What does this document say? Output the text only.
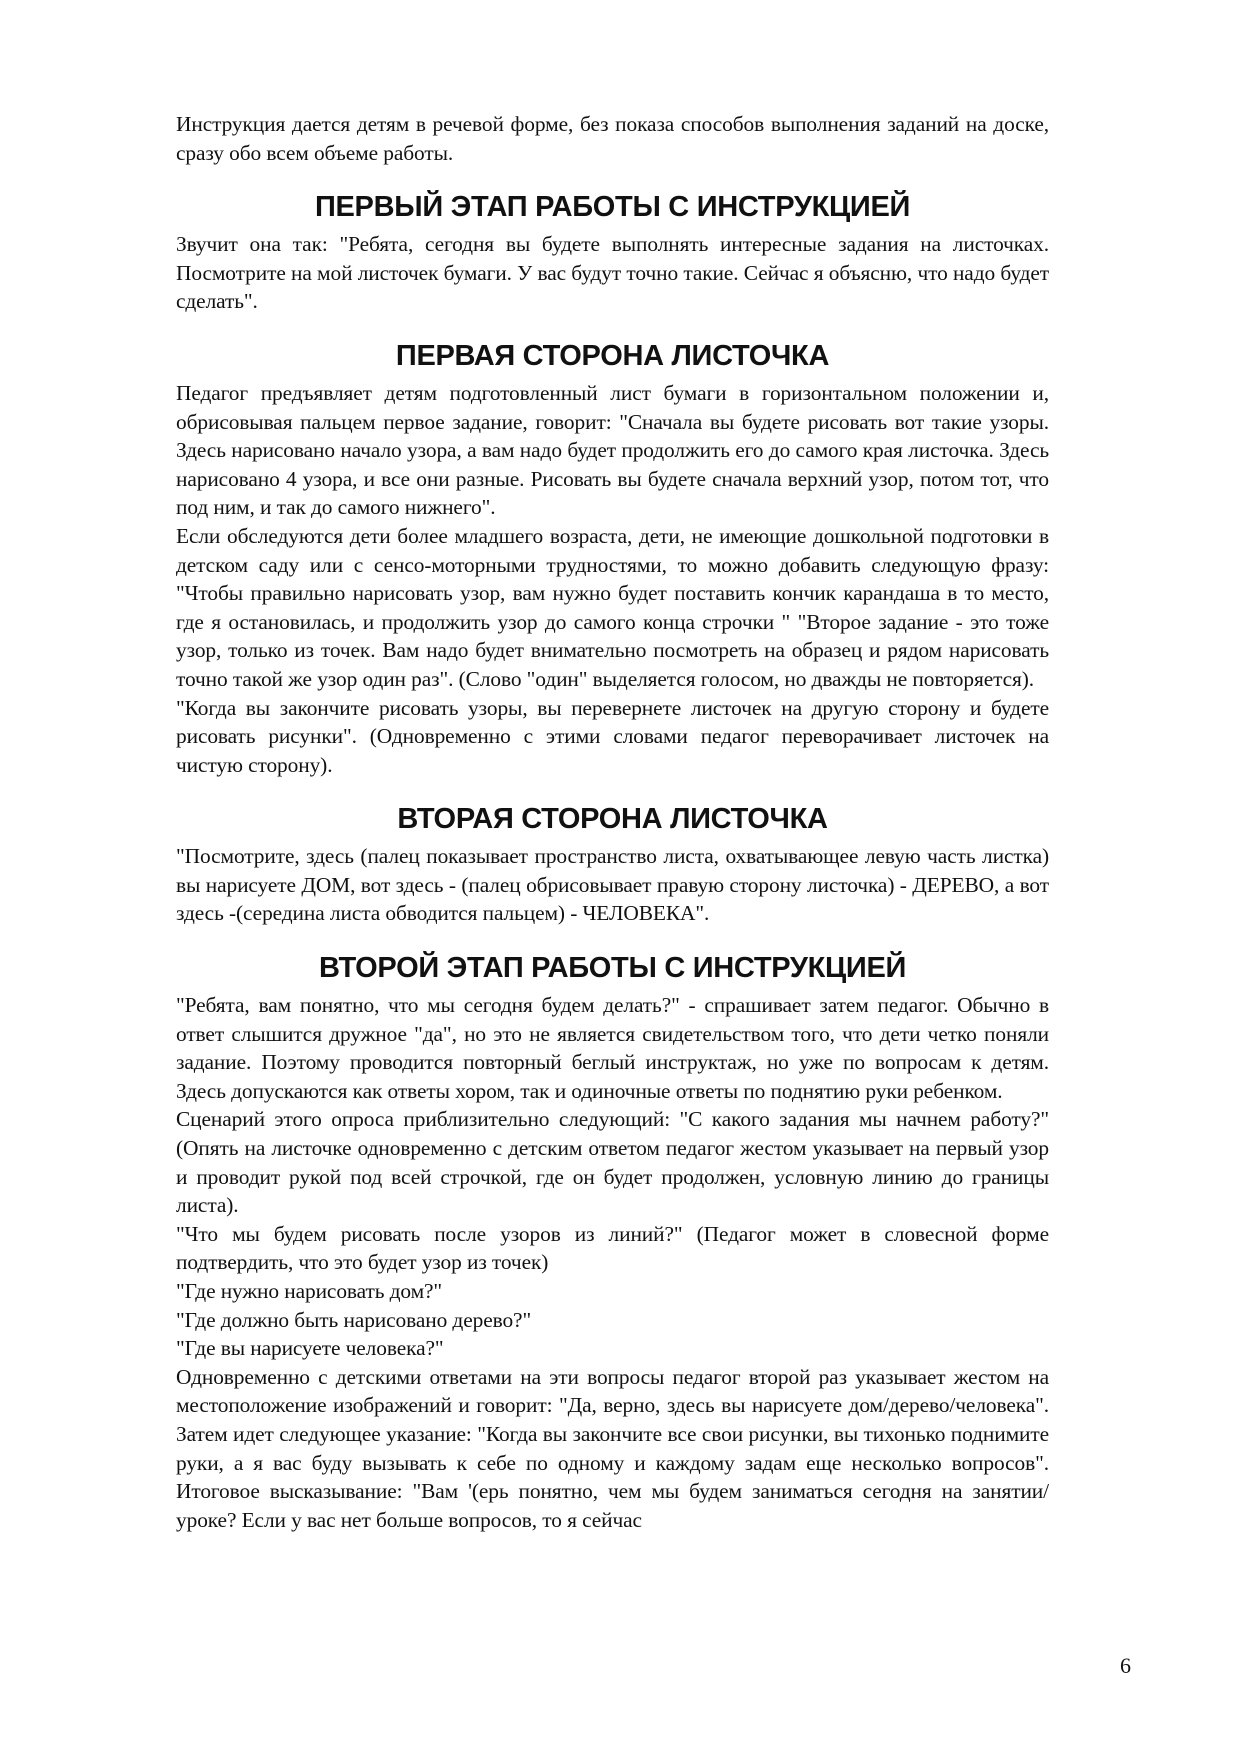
Инструкция дается детям в речевой форме, без показа способов выполнения заданий на доске, сразу обо всем объеме работы.

ПЕРВЫЙ ЭТАП РАБОТЫ С ИНСТРУКЦИЕЙ

Звучит она так: "Ребята, сегодня вы будете выполнять интересные задания на листочках. Посмотрите на мой листочек бумаги. У вас будут точно такие. Сейчас я объясню, что надо будет сделать".

ПЕРВАЯ СТОРОНА ЛИСТОЧКА

Педагог предъявляет детям подготовленный лист бумаги в горизонтальном положении и, обрисовывая пальцем первое задание, говорит: "Сначала вы будете рисовать вот такие узоры. Здесь нарисовано начало узора, а вам надо будет продолжить его до самого края листочка. Здесь нарисовано 4 узора, и все они разные. Рисовать вы будете сначала верхний узор, потом тот, что под ним, и так до самого нижнего".

Если обследуются дети более младшего возраста, дети, не имеющие дошкольной подготовки в детском саду или с сенсо-моторными трудностями, то можно добавить следующую фразу: "Чтобы правильно нарисовать узор, вам нужно будет поставить кончик карандаша в то место, где я остановилась, и продолжить узор до самого конца строчки " "Второе задание - это тоже узор, только из точек. Вам надо будет внимательно посмотреть на образец и рядом нарисовать точно такой же узор один раз". (Слово "один" выделяется голосом, но дважды не повторяется).

"Когда вы закончите рисовать узоры, вы перевернете листочек на другую сторону и будете рисовать рисунки". (Одновременно с этими словами педагог переворачивает листочек на чистую сторону).

ВТОРАЯ СТОРОНА ЛИСТОЧКА

"Посмотрите, здесь (палец показывает пространство листа, охватывающее левую часть листка) вы нарисуете ДОМ, вот здесь - (палец обрисовывает правую сторону листочка) - ДЕРЕВО, а вот здесь -(середина листа обводится пальцем) - ЧЕЛОВЕКА".

ВТОРОЙ ЭТАП РАБОТЫ С ИНСТРУКЦИЕЙ

"Ребята, вам понятно, что мы сегодня будем делать?" - спрашивает затем педагог. Обычно в ответ слышится дружное "да", но это не является свидетельством того, что дети четко поняли задание. Поэтому проводится повторный беглый инструктаж, но уже по вопросам к детям. Здесь допускаются как ответы хором, так и одиночные ответы по поднятию руки ребенком.

Сценарий этого опроса приблизительно следующий: "С какого задания мы начнем работу?" (Опять на листочке одновременно с детским ответом педагог жестом указывает на первый узор и проводит рукой под всей строчкой, где он будет продолжен, условную линию до границы листа).

"Что мы будем рисовать после узоров из линий?" (Педагог может в словесной форме подтвердить, что это будет узор из точек)

"Где нужно нарисовать дом?"

"Где должно быть нарисовано дерево?"

"Где вы нарисуете человека?"

Одновременно с детскими ответами на эти вопросы педагог второй раз указывает жестом на местоположение изображений и говорит: "Да, верно, здесь вы нарисуете дом/дерево/человека". Затем идет следующее указание: "Когда вы закончите все свои рисунки, вы тихонько поднимите руки, а я вас буду вызывать к себе по одному и каждому задам еще несколько вопросов". Итоговое высказывание: "Вам '(ерь понятно, чем мы будем заниматься сегодня на занятии/уроке? Если у вас нет больше вопросов, то я сейчас

6
